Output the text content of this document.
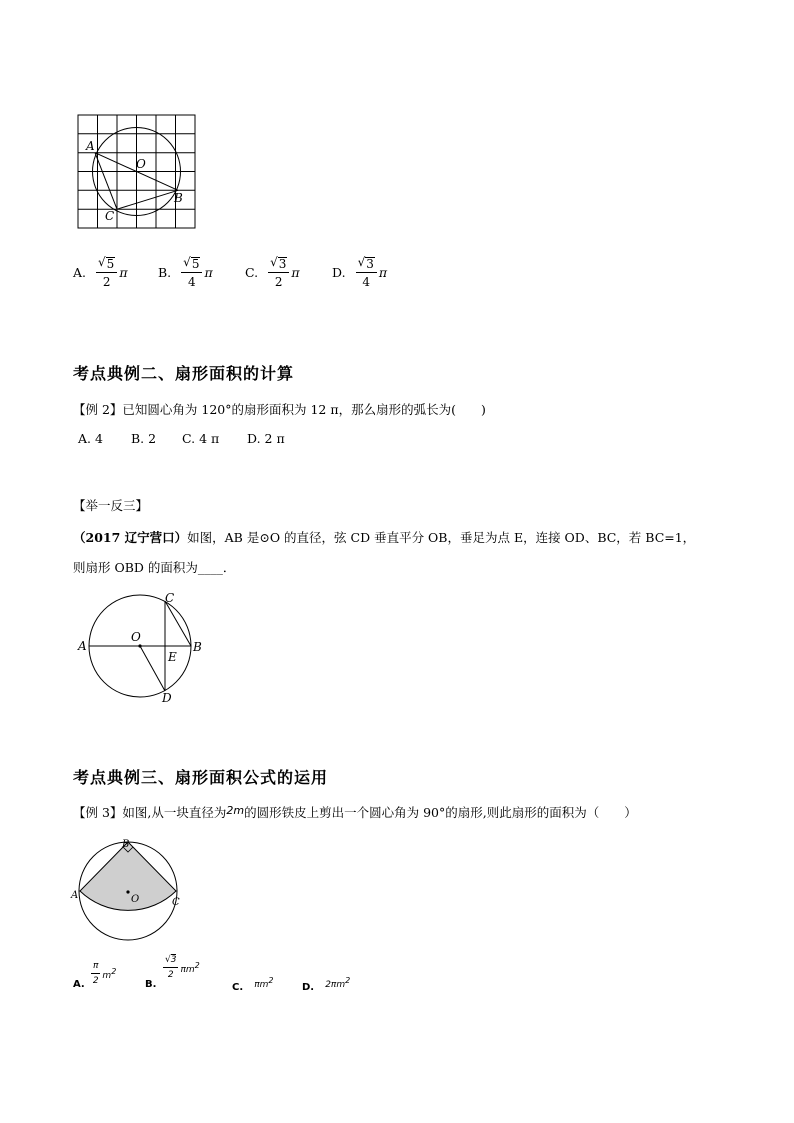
A
O
B
C
A. $\frac{√ 5}{2}$ π B. $\frac{√ 5}{4}$ π	C. $\frac{√ 3}{2}$ π	D. $\frac{√ 3}{4}$ π
考点典例二、扇形面积的计算
【例 2】已知圆心角为 120°的扇形面积为 12 π，那么扇形的弧长为(　　)
A. 4 B. 2 C. 4 π D. 2 π
【举一反三】
（2017 辽宁营口）如图，AB 是⊙O 的直径，弦 CD 垂直平分 OB，垂足为点 E，连接 OD、BC，若 BC=1，
则扇形 OBD 的面积为____．
A
O
B
C
D
E
考点典例三、扇形面积公式的运用
【例 3】如图,从一块直径为2m的圆形铁皮上剪出一个圆心角为 90°的扇形,则此扇形的面积为（　　）
B
A
C
O
A. $\frac{\pi}{2} m2$
B.
$\frac{√3}{2} \pi m2$
C. πm2
D. 2πm2
